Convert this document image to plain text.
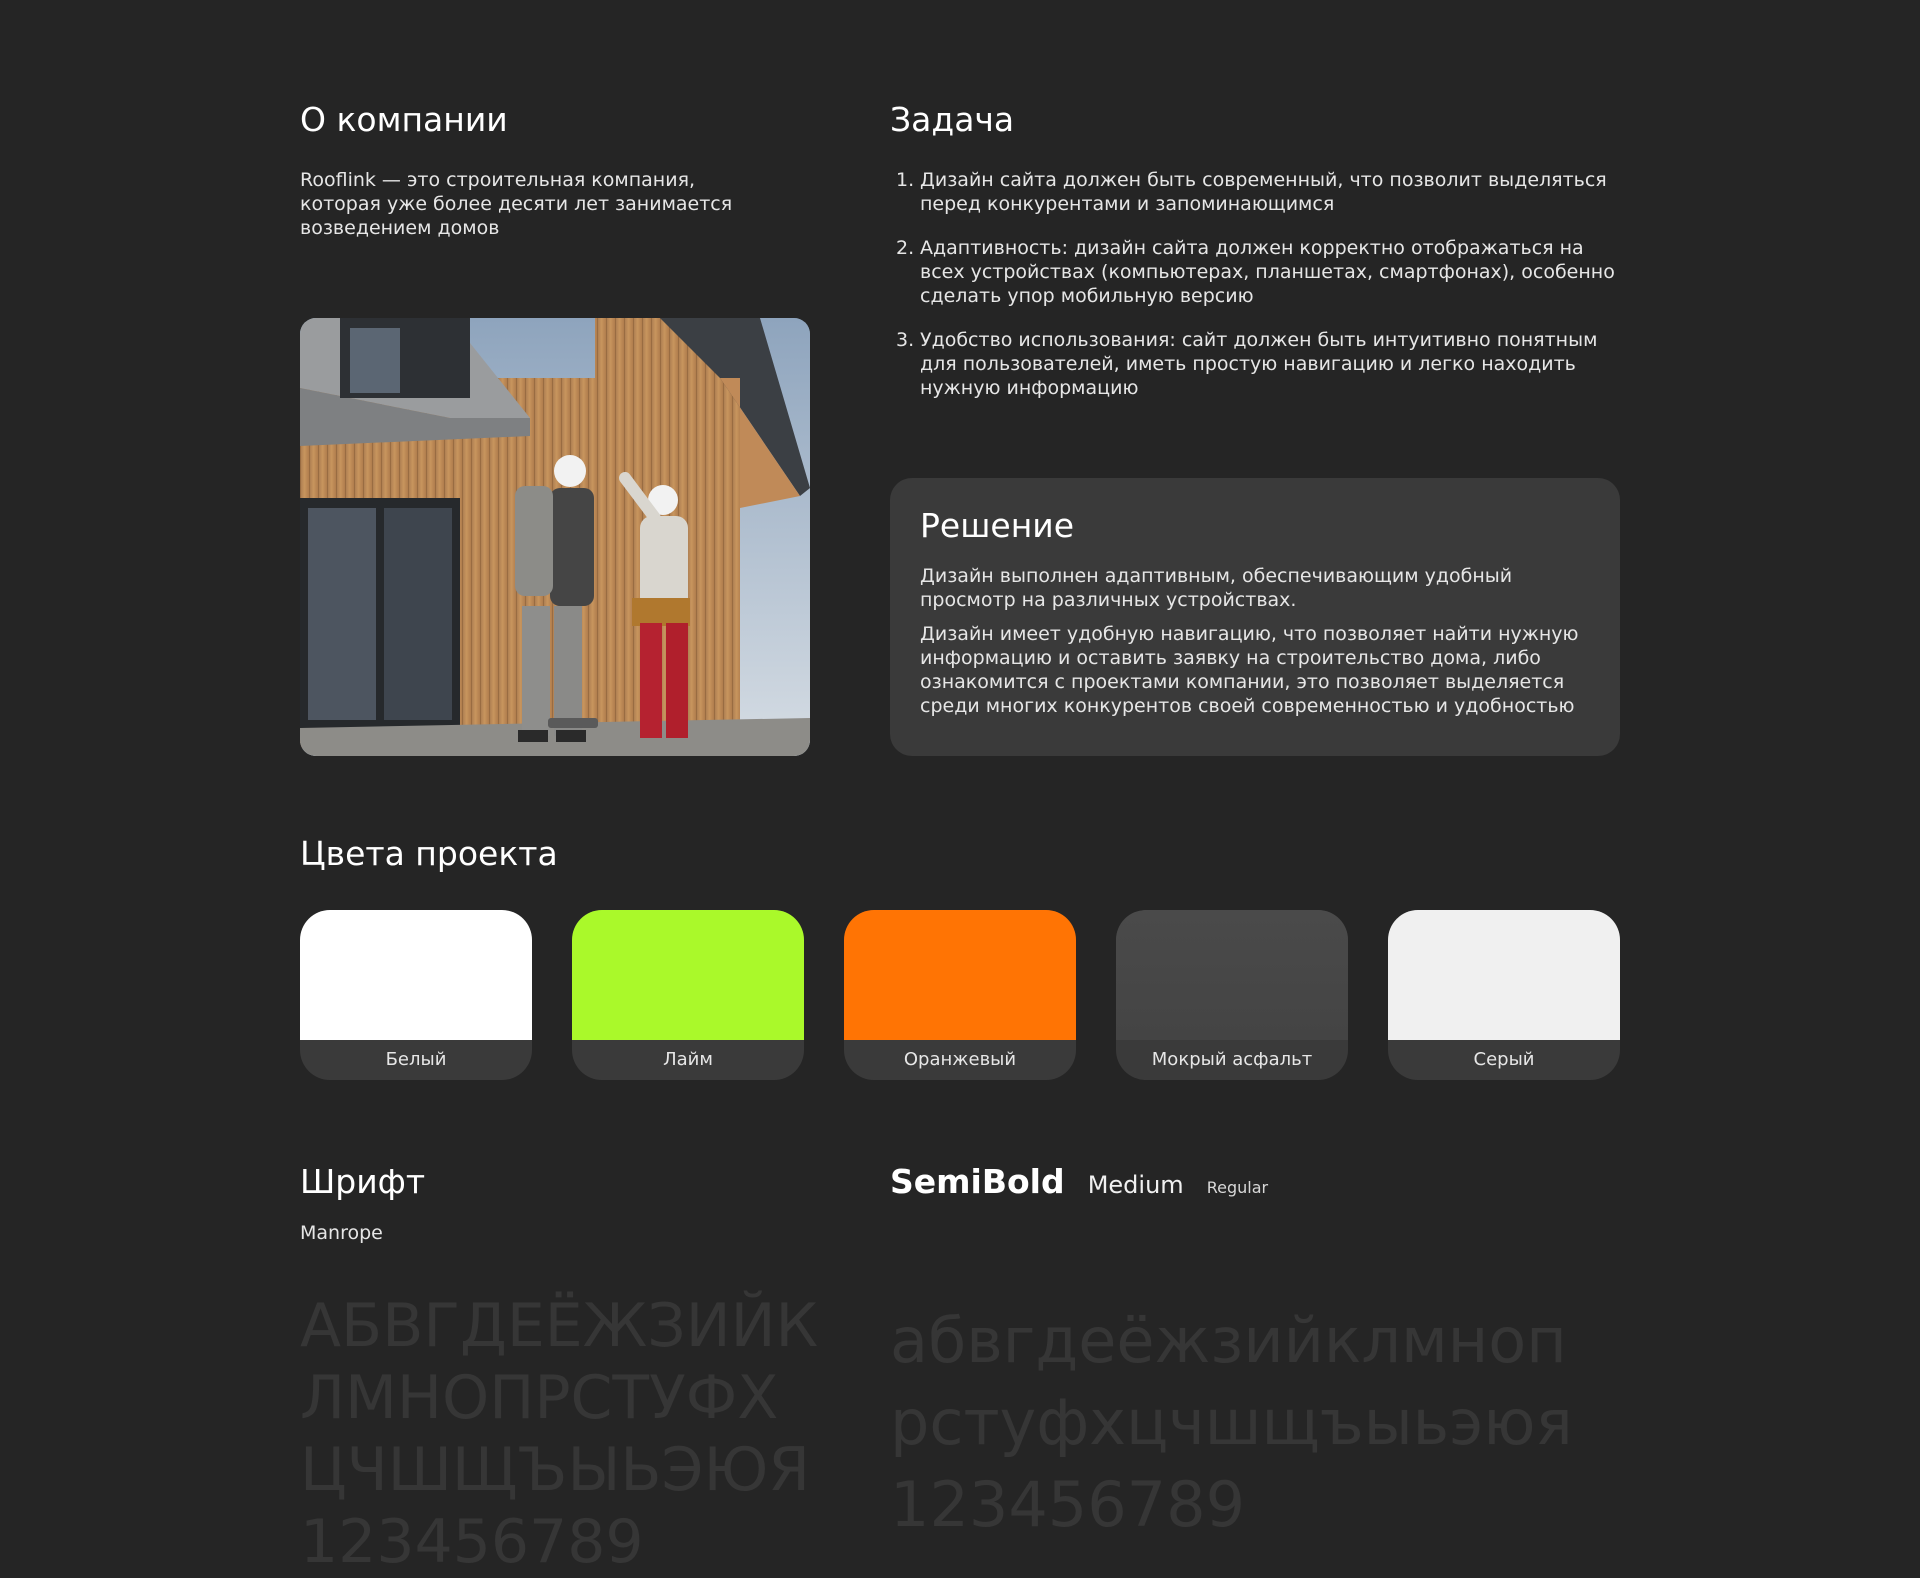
О компании

Rooflink — это строительная компания, которая уже более десяти лет занимается возведением домов

Задача
1. Дизайн сайта должен быть современный, что позволит выделяться перед конкурентами и запоминающимся
2. Адаптивность: дизайн сайта должен корректно отображаться на всех устройствах (компьютерах, планшетах, смартфонах), особенно сделать упор мобильную версию
3. Удобство использования: сайт должен быть интуитивно понятным для пользователей, иметь простую навигацию и легко находить нужную информацию
Решение

Дизайн выполнен адаптивным, обеспечивающим удобный просмотр на различных устройствах.

Дизайн имеет удобную навигацию, что позволяет найти нужную информацию и оставить заявку на строительство дома, либо ознакомится с проектами компании, это позволяет выделяется среди многих конкурентов своей современностью и удобностью

Цвета проекта
Белый	Лайм	Оранжевый	Мокрый асфальт	Серый
Шрифт
Manrope
SemiBold Medium Regular
АБВГДЕЁЖЗИЙК
ЛМНОПРСТУФХ
ЦЧШЩЪЫЬЭЮЯ
123456789
абвгдеёжзийклмноп
рстуфхцчшщъыьэюя
123456789
